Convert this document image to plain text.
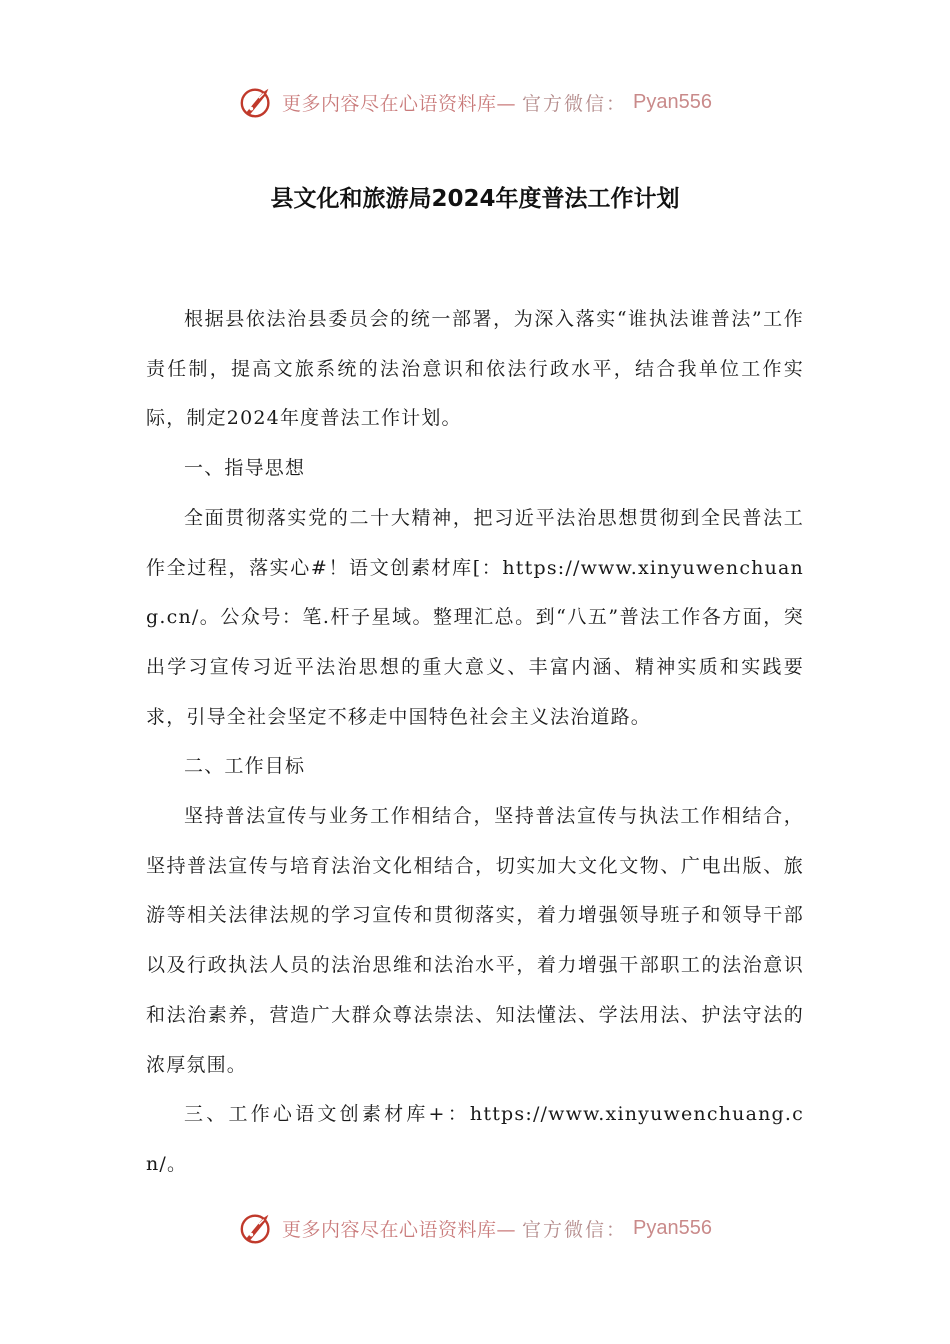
更多内容尽在心语资料库— 官方微信： Pyan556
县文化和旅游局2024年度普法工作计划

根据县依法治县委员会的统一部署，为深入落实“谁执法谁普法”工作责任制，提高文旅系统的法治意识和依法行政水平，结合我单位工作实际，制定2024年度普法工作计划。

一、指导思想

全面贯彻落实党的二十大精神，把习近平法治思想贯彻到全民普法工作全过程，落实心#！语文创素材库[：https://www.xinyuwenchuang.cn/。公众号：笔.杆子星域。整理汇总。到“八五”普法工作各方面，突出学习宣传习近平法治思想的重大意义、丰富内涵、精神实质和实践要求，引导全社会坚定不移走中国特色社会主义法治道路。

二、工作目标

坚持普法宣传与业务工作相结合，坚持普法宣传与执法工作相结合，坚持普法宣传与培育法治文化相结合，切实加大文化文物、广电出版、旅游等相关法律法规的学习宣传和贯彻落实，着力增强领导班子和领导干部以及行政执法人员的法治思维和法治水平，着力增强干部职工的法治意识和法治素养，营造广大群众尊法崇法、知法懂法、学法用法、护法守法的浓厚氛围。

三、工作心语文创素材库+：https://www.xinyuwenchuang.cn/。

更多内容尽在心语资料库— 官方微信： Pyan556
